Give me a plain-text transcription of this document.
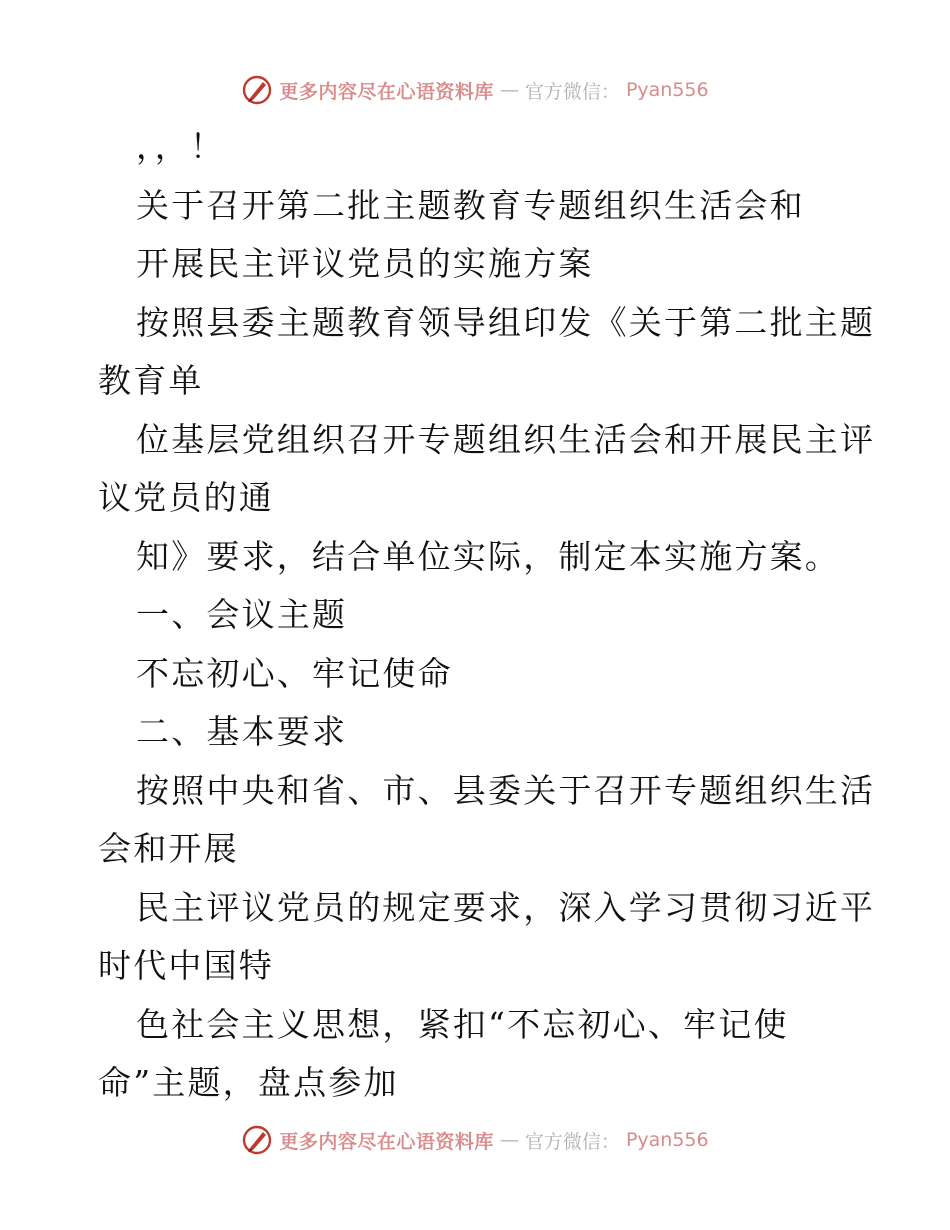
更多内容尽在心语资料库 — 官方微信： Pyan556
，，！
关于召开第二批主题教育专题组织生活会和
开展民主评议党员的实施方案
按照县委主题教育领导组印发《关于第二批主题
教育单
位基层党组织召开专题组织生活会和开展民主评
议党员的通
知》要求，结合单位实际，制定本实施方案。
一、会议主题
不忘初心、牢记使命
二、基本要求
按照中央和省、市、县委关于召开专题组织生活
会和开展
民主评议党员的规定要求，深入学习贯彻习近平
时代中国特
色社会主义思想，紧扣“不忘初心、牢记使
命”主题，盘点参加
更多内容尽在心语资料库 — 官方微信： Pyan556
